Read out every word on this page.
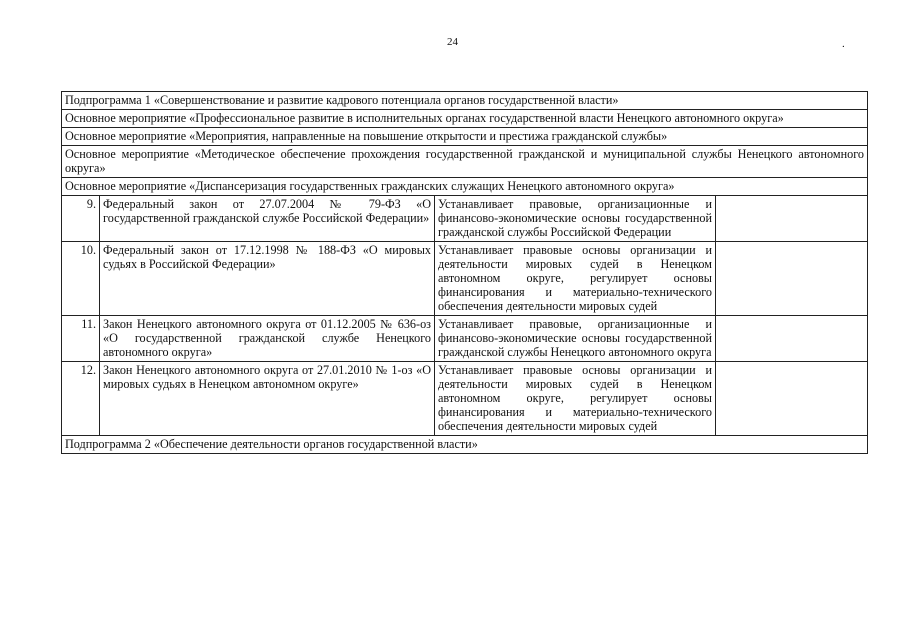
24	.
Подпрограмма 1 «Совершенствование и развитие кадрового потенциала органов государственной власти»			
Основное мероприятие «Профессиональное развитие в исполнительных органах государственной власти Ненецкого автономного округа»			
Основное мероприятие «Мероприятия, направленные на повышение открытости и престижа гражданской службы»			
Основное мероприятие «Методическое обеспечение прохождения государственной гражданской и муниципальной службы Ненецкого автономного округа»			
Основное мероприятие «Диспансеризация государственных гражданских служащих Ненецкого автономного округа»			
9.	Федеральный закон от 27.07.2004 № 79-ФЗ «О государственной гражданской службе Российской Федерации»	Устанавливает правовые, организационные и финансово-экономические основы государственной гражданской службы Российской Федерации	
10.	Федеральный закон от 17.12.1998 № 188-ФЗ «О мировых судьях в Российской Федерации»	Устанавливает правовые основы организации и деятельности мировых судей в Ненецком автономном округе, регулирует основы финансирования и материально-технического обеспечения деятельности мировых судей	
11.	Закон Ненецкого автономного округа от 01.12.2005 № 636-оз «О государственной гражданской службе Ненецкого автономного округа»	Устанавливает правовые, организационные и финансово-экономические основы государственной гражданской службы Ненецкого автономного округа	
12.	Закон Ненецкого автономного округа от 27.01.2010 № 1-оз «О мировых судьях в Ненецком автономном округе»	Устанавливает правовые основы организации и деятельности мировых судей в Ненецком автономном округе, регулирует основы финансирования и материально-технического обеспечения деятельности мировых судей	
Подпрограмма 2 «Обеспечение деятельности органов государственной власти»			
